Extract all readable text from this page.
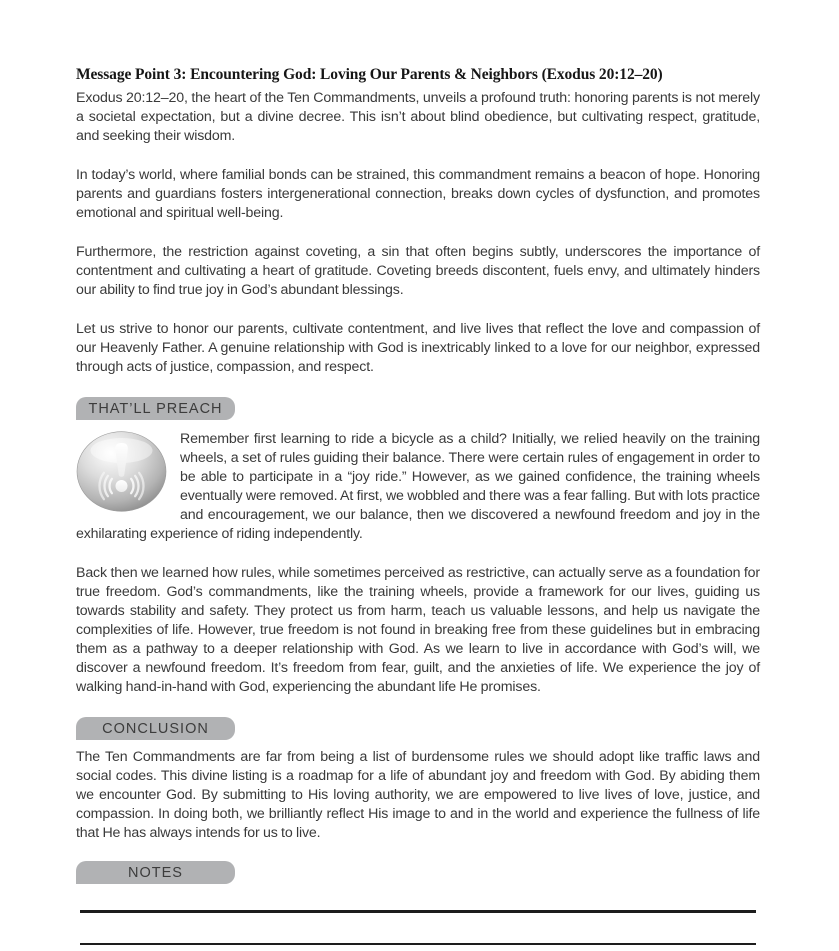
Message Point 3: Encountering God: Loving Our Parents & Neighbors (Exodus 20:12–20)

Exodus 20:12–20, the heart of the Ten Commandments, unveils a profound truth: honoring parents is not merely a societal expectation, but a divine decree. This isn’t about blind obedience, but cultivating respect, gratitude, and seeking their wisdom.

In today’s world, where familial bonds can be strained, this commandment remains a beacon of hope. Honoring parents and guardians fosters intergenerational connection, breaks down cycles of dysfunction, and promotes emotional and spiritual well-being.

Furthermore, the restriction against coveting, a sin that often begins subtly, underscores the importance of contentment and cultivating a heart of gratitude. Coveting breeds discontent, fuels envy, and ultimately hinders our ability to find true joy in God’s abundant blessings.

Let us strive to honor our parents, cultivate contentment, and live lives that reflect the love and compassion of our Heavenly Father. A genuine relationship with God is inextricably linked to a love for our neighbor, expressed through acts of justice, compassion, and respect.

THAT’LL PREACH

Remember first learning to ride a bicycle as a child? Initially, we relied heavily on the training wheels, a set of rules guiding their balance. There were certain rules of engagement in order to be able to participate in a “joy ride.” However, as we gained confidence, the training wheels eventually were removed. At first, we wobbled and there was a fear falling. But with lots practice and encouragement, we our balance, then we discovered a newfound freedom and joy in the exhilarating experience of riding independently.

Back then we learned how rules, while sometimes perceived as restrictive, can actually serve as a foundation for true freedom. God’s commandments, like the training wheels, provide a framework for our lives, guiding us towards stability and safety. They protect us from harm, teach us valuable lessons, and help us navigate the complexities of life. However, true freedom is not found in breaking free from these guidelines but in embracing them as a pathway to a deeper relationship with God. As we learn to live in accordance with God’s will, we discover a newfound freedom. It’s freedom from fear, guilt, and the anxieties of life. We experience the joy of walking hand-in-hand with God, experiencing the abundant life He promises.

CONCLUSION

The Ten Commandments are far from being a list of burdensome rules we should adopt like traffic laws and social codes. This divine listing is a roadmap for a life of abundant joy and freedom with God. By abiding them we encounter God. By submitting to His loving authority, we are empowered to live lives of love, justice, and compassion. In doing both, we brilliantly reflect His image to and in the world and experience the fullness of life that He has always intends for us to live.

NOTES
